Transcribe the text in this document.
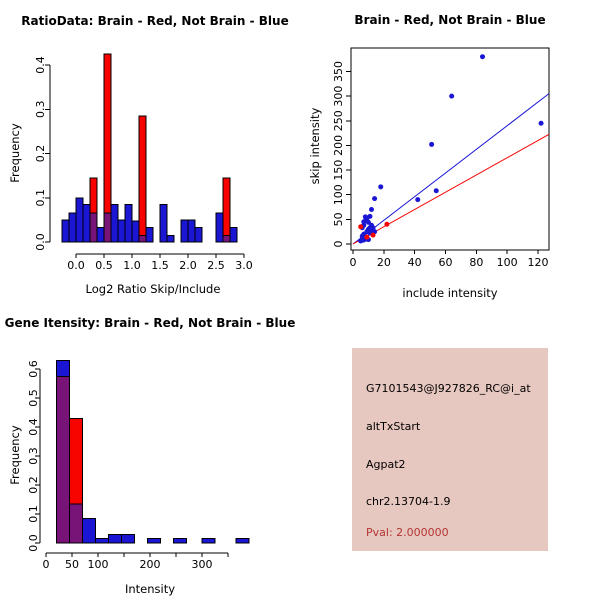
0.0
0.1
0.2
0.3
0.4
0.0 0.5 1.0 1.5 2.0 2.5 3.0
0
50
100
150
200
250
300
350
0 20 40 60 80 100 120
0.0
0.1
0.2
0.3
0.4
0.5
0.6
0 50 100	200	300
RatioData: Brain - Red, Not Brain - Blue
Frequency
Log2 Ratio Skip/Include
Brain - Red, Not Brain - Blue
skip intensity
include intensity
Gene Itensity: Brain - Red, Not Brain - Blue
Frequency
Intensity
G7101543@J927826_RC@i_at
altTxStart
Agpat2
chr2.13704-1.9
Pval: 2.000000
